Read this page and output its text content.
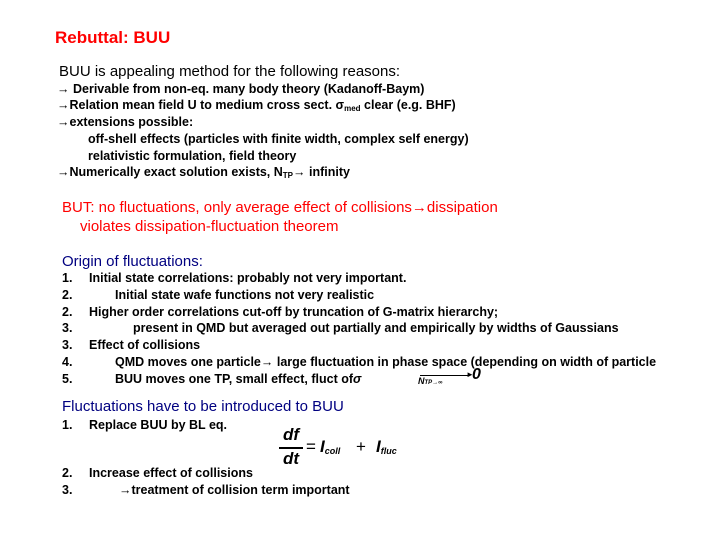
Rebuttal: BUU
BUU is appealing method for the following reasons:
→ Derivable from non-eq. many body theory (Kadanoff-Baym)
→Relation mean field U to medium cross sect. $\sigma_{med}$ clear (e.g. BHF)
→extensions possible:
off-shell effects (particles with finite width, complex self energy)
relativistic formulation, field theory
→Numerically exact solution exists, $N_{TP}\to$ infinity
BUT: no fluctuations, only average effect of collisions→dissipation
violates dissipation-fluctuation theorem
Origin of fluctuations:
1. Initial state correlations: probably not very important.
2.	Initial state wafe functions not very realistic
2. Higher order correlations cut-off by truncation of G-matrix hierarchy;
3.	present in QMD but averaged out partially and empirically by widths of Gaussians
3. Effect of collisions
4.	QMD moves one particle→ large fluctuation in phase space (depending on width of particle
5.	BUU moves one TP, small effect, fluct ofσ	NTP→∞
►
0
Fluctuations have to be introduced to BUU
1. Replace BUU by BL eq.	df
dt
= $I_{coll} + I_{fluc}$
2. Increase effect of collisions
3.	→treatment of collision term important
